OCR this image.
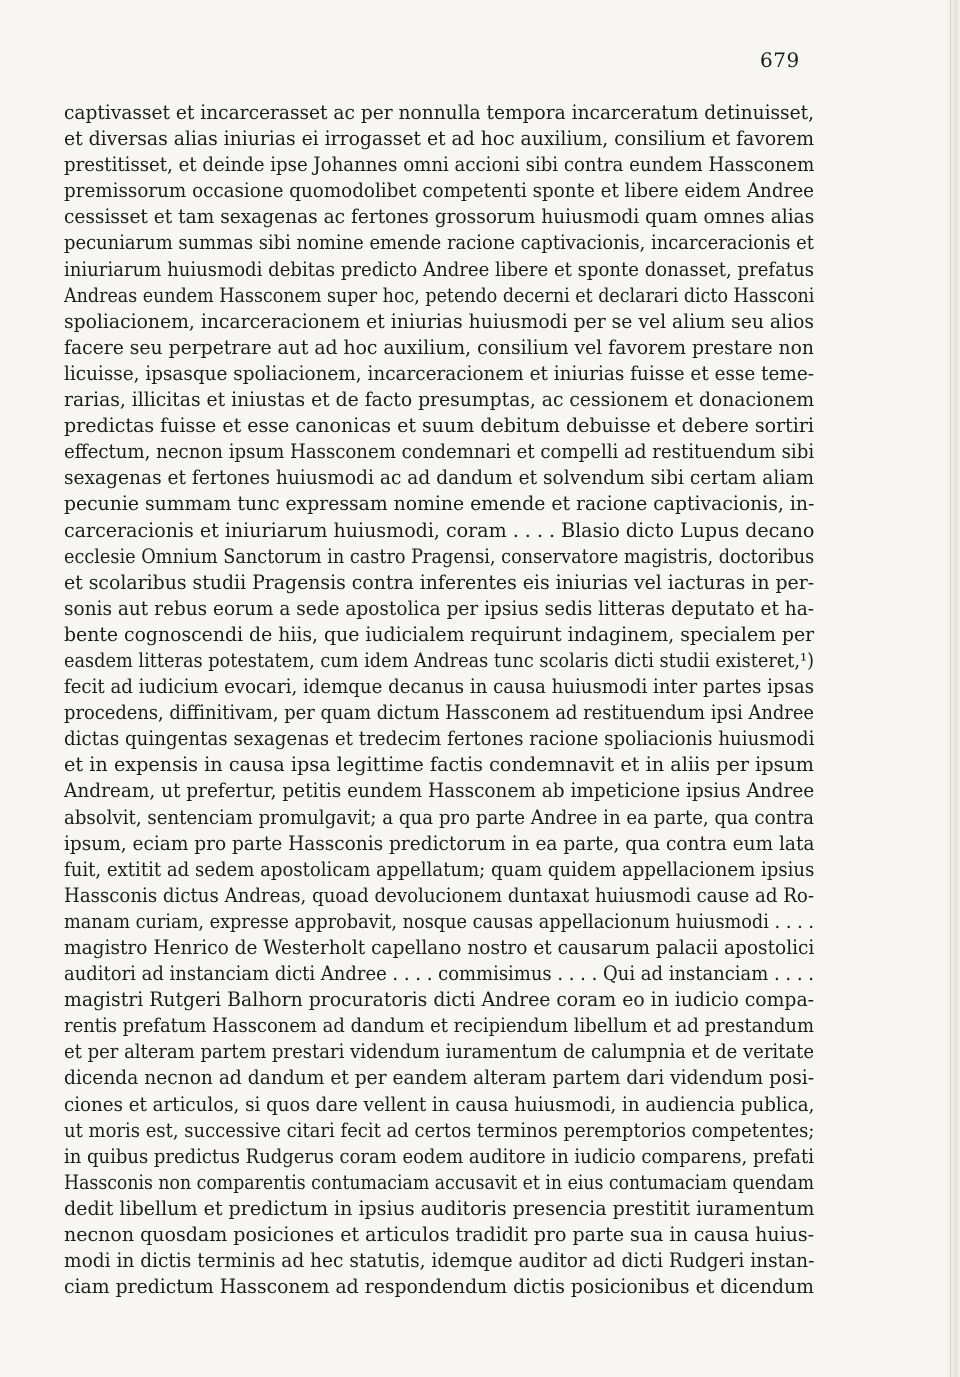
679
captivasset et incarcerasset ac per nonnulla tempora incarceratum detinuisset,
et diversas alias iniurias ei irrogasset et ad hoc auxilium, consilium et favorem
prestitisset, et deinde ipse Johannes omni accioni sibi contra eundem Hassconem
premissorum occasione quomodolibet competenti sponte et libere eidem Andree
cessisset et tam sexagenas ac fertones grossorum huiusmodi quam omnes alias
pecuniarum summas sibi nomine emende racione captivacionis, incarceracionis et
iniuriarum huiusmodi debitas predicto Andree libere et sponte donasset, prefatus
Andreas eundem Hassconem super hoc, petendo decerni et declarari dicto Hassconi
spoliacionem, incarceracionem et iniurias huiusmodi per se vel alium seu alios
facere seu perpetrare aut ad hoc auxilium, consilium vel favorem prestare non
licuisse, ipsasque spoliacionem, incarceracionem et iniurias fuisse et esse teme-
rarias, illicitas et iniustas et de facto presumptas, ac cessionem et donacionem
predictas fuisse et esse canonicas et suum debitum debuisse et debere sortiri
effectum, necnon ipsum Hassconem condemnari et compelli ad restituendum sibi
sexagenas et fertones huiusmodi ac ad dandum et solvendum sibi certam aliam
pecunie summam tunc expressam nomine emende et racione captivacionis, in-
carceracionis et iniuriarum huiusmodi, coram . . . . Blasio dicto Lupus decano
ecclesie Omnium Sanctorum in castro Pragensi, conservatore magistris, doctoribus
et scolaribus studii Pragensis contra inferentes eis iniurias vel iacturas in per-
sonis aut rebus eorum a sede apostolica per ipsius sedis litteras deputato et ha-
bente cognoscendi de hiis, que iudicialem requirunt indaginem, specialem per
easdem litteras potestatem, cum idem Andreas tunc scolaris dicti studii existeret,¹)
fecit ad iudicium evocari, idemque decanus in causa huiusmodi inter partes ipsas
procedens, diffinitivam, per quam dictum Hassconem ad restituendum ipsi Andree
dictas quingentas sexagenas et tredecim fertones racione spoliacionis huiusmodi
et in expensis in causa ipsa legittime factis condemnavit et in aliis per ipsum
Andream, ut prefertur, petitis eundem Hassconem ab impeticione ipsius Andree
absolvit, sentenciam promulgavit; a qua pro parte Andree in ea parte, qua contra
ipsum, eciam pro parte Hassconis predictorum in ea parte, qua contra eum lata
fuit, extitit ad sedem apostolicam appellatum; quam quidem appellacionem ipsius
Hassconis dictus Andreas, quoad devolucionem duntaxat huiusmodi cause ad Ro-
manam curiam, expresse approbavit, nosque causas appellacionum huiusmodi . . . .
magistro Henrico de Westerholt capellano nostro et causarum palacii apostolici
auditori ad instanciam dicti Andree . . . . commisimus . . . . Qui ad instanciam . . . .
magistri Rutgeri Balhorn procuratoris dicti Andree coram eo in iudicio compa-
rentis prefatum Hassconem ad dandum et recipiendum libellum et ad prestandum
et per alteram partem prestari videndum iuramentum de calumpnia et de veritate
dicenda necnon ad dandum et per eandem alteram partem dari videndum posi-
ciones et articulos, si quos dare vellent in causa huiusmodi, in audiencia publica,
ut moris est, successive citari fecit ad certos terminos peremptorios competentes;
in quibus predictus Rudgerus coram eodem auditore in iudicio comparens, prefati
Hassconis non comparentis contumaciam accusavit et in eius contumaciam quendam
dedit libellum et predictum in ipsius auditoris presencia prestitit iuramentum
necnon quosdam posiciones et articulos tradidit pro parte sua in causa huius-
modi in dictis terminis ad hec statutis, idemque auditor ad dicti Rudgeri instan-
ciam predictum Hassconem ad respondendum dictis posicionibus et dicendum
